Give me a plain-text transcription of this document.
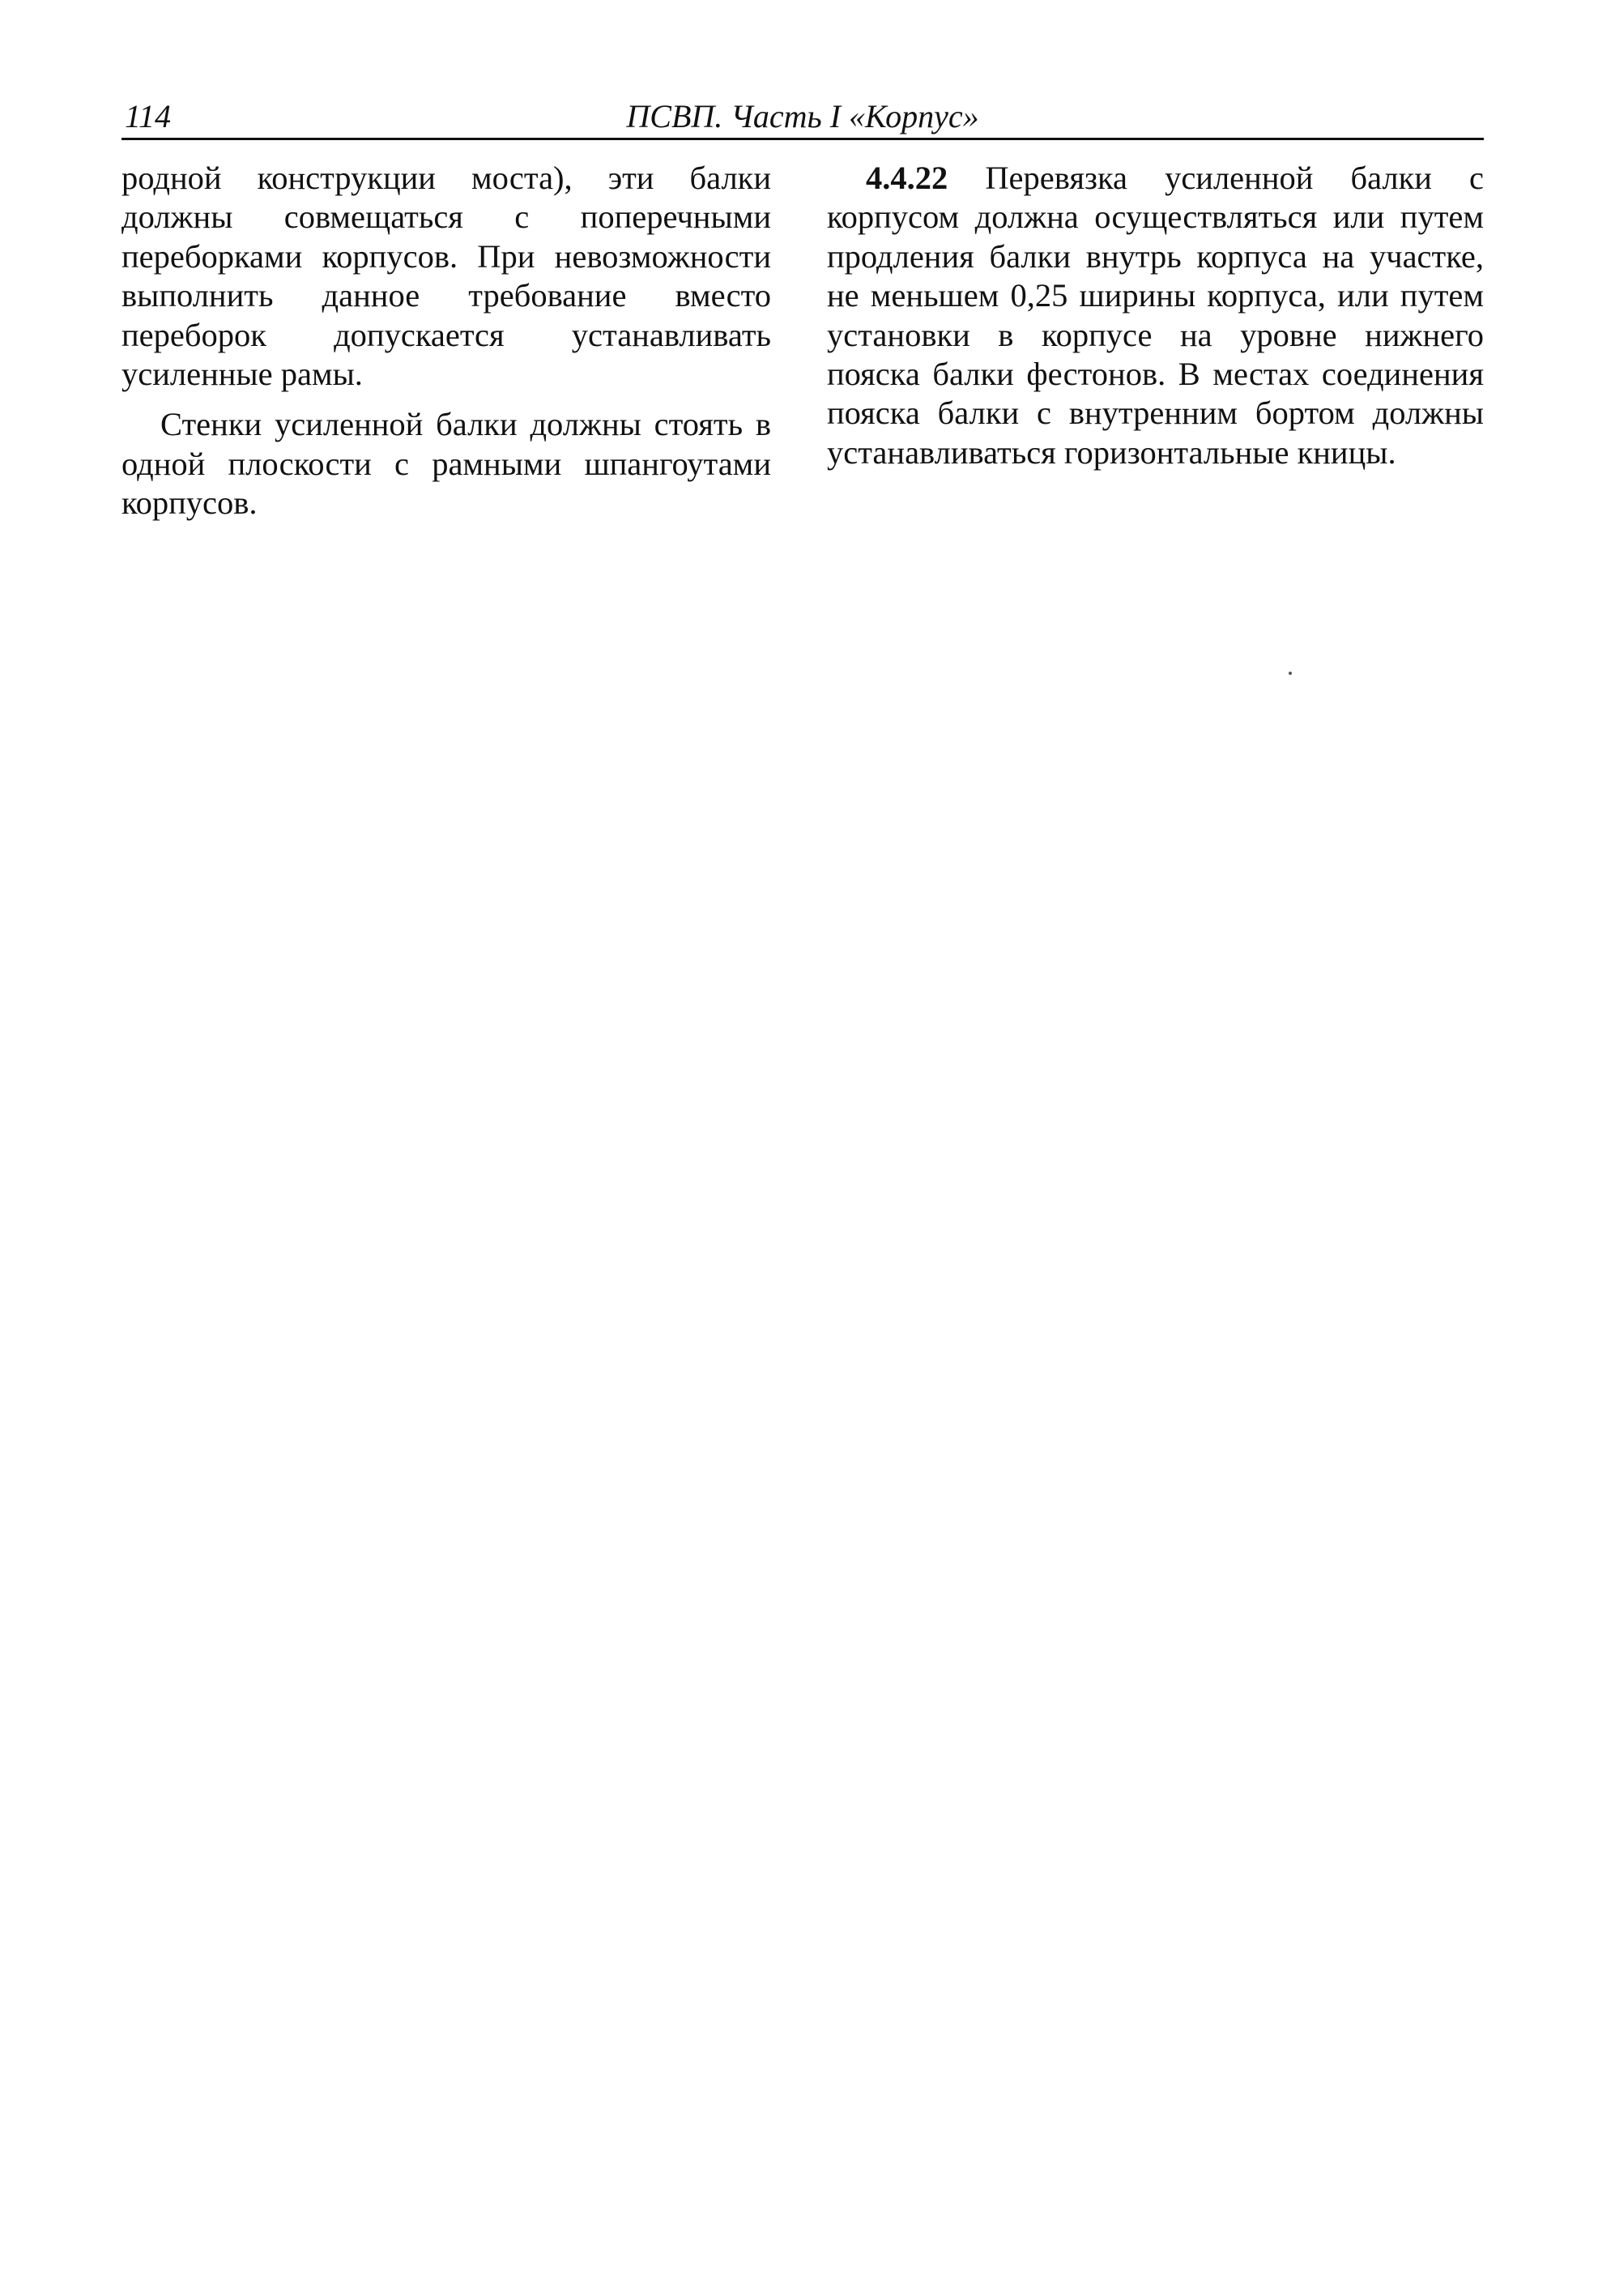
114	ПСВП. Часть I «Корпус»

родной конструкции моста), эти балки должны совмещаться с поперечными переборками корпусов. При невозможности выполнить данное требование вместо переборок допускается устанавливать усиленные рамы.

Стенки усиленной балки должны стоять в одной плоскости с рамными шпангоутами корпусов.

4.4.22 Перевязка усиленной балки с корпусом должна осуществляться или путем продления балки внутрь корпуса на участке, не меньшем 0,25 ширины корпуса, или путем установки в корпусе на уровне нижнего пояска балки фестонов. В местах соединения пояска балки с внутренним бортом должны устанавливаться горизонтальные кницы.
